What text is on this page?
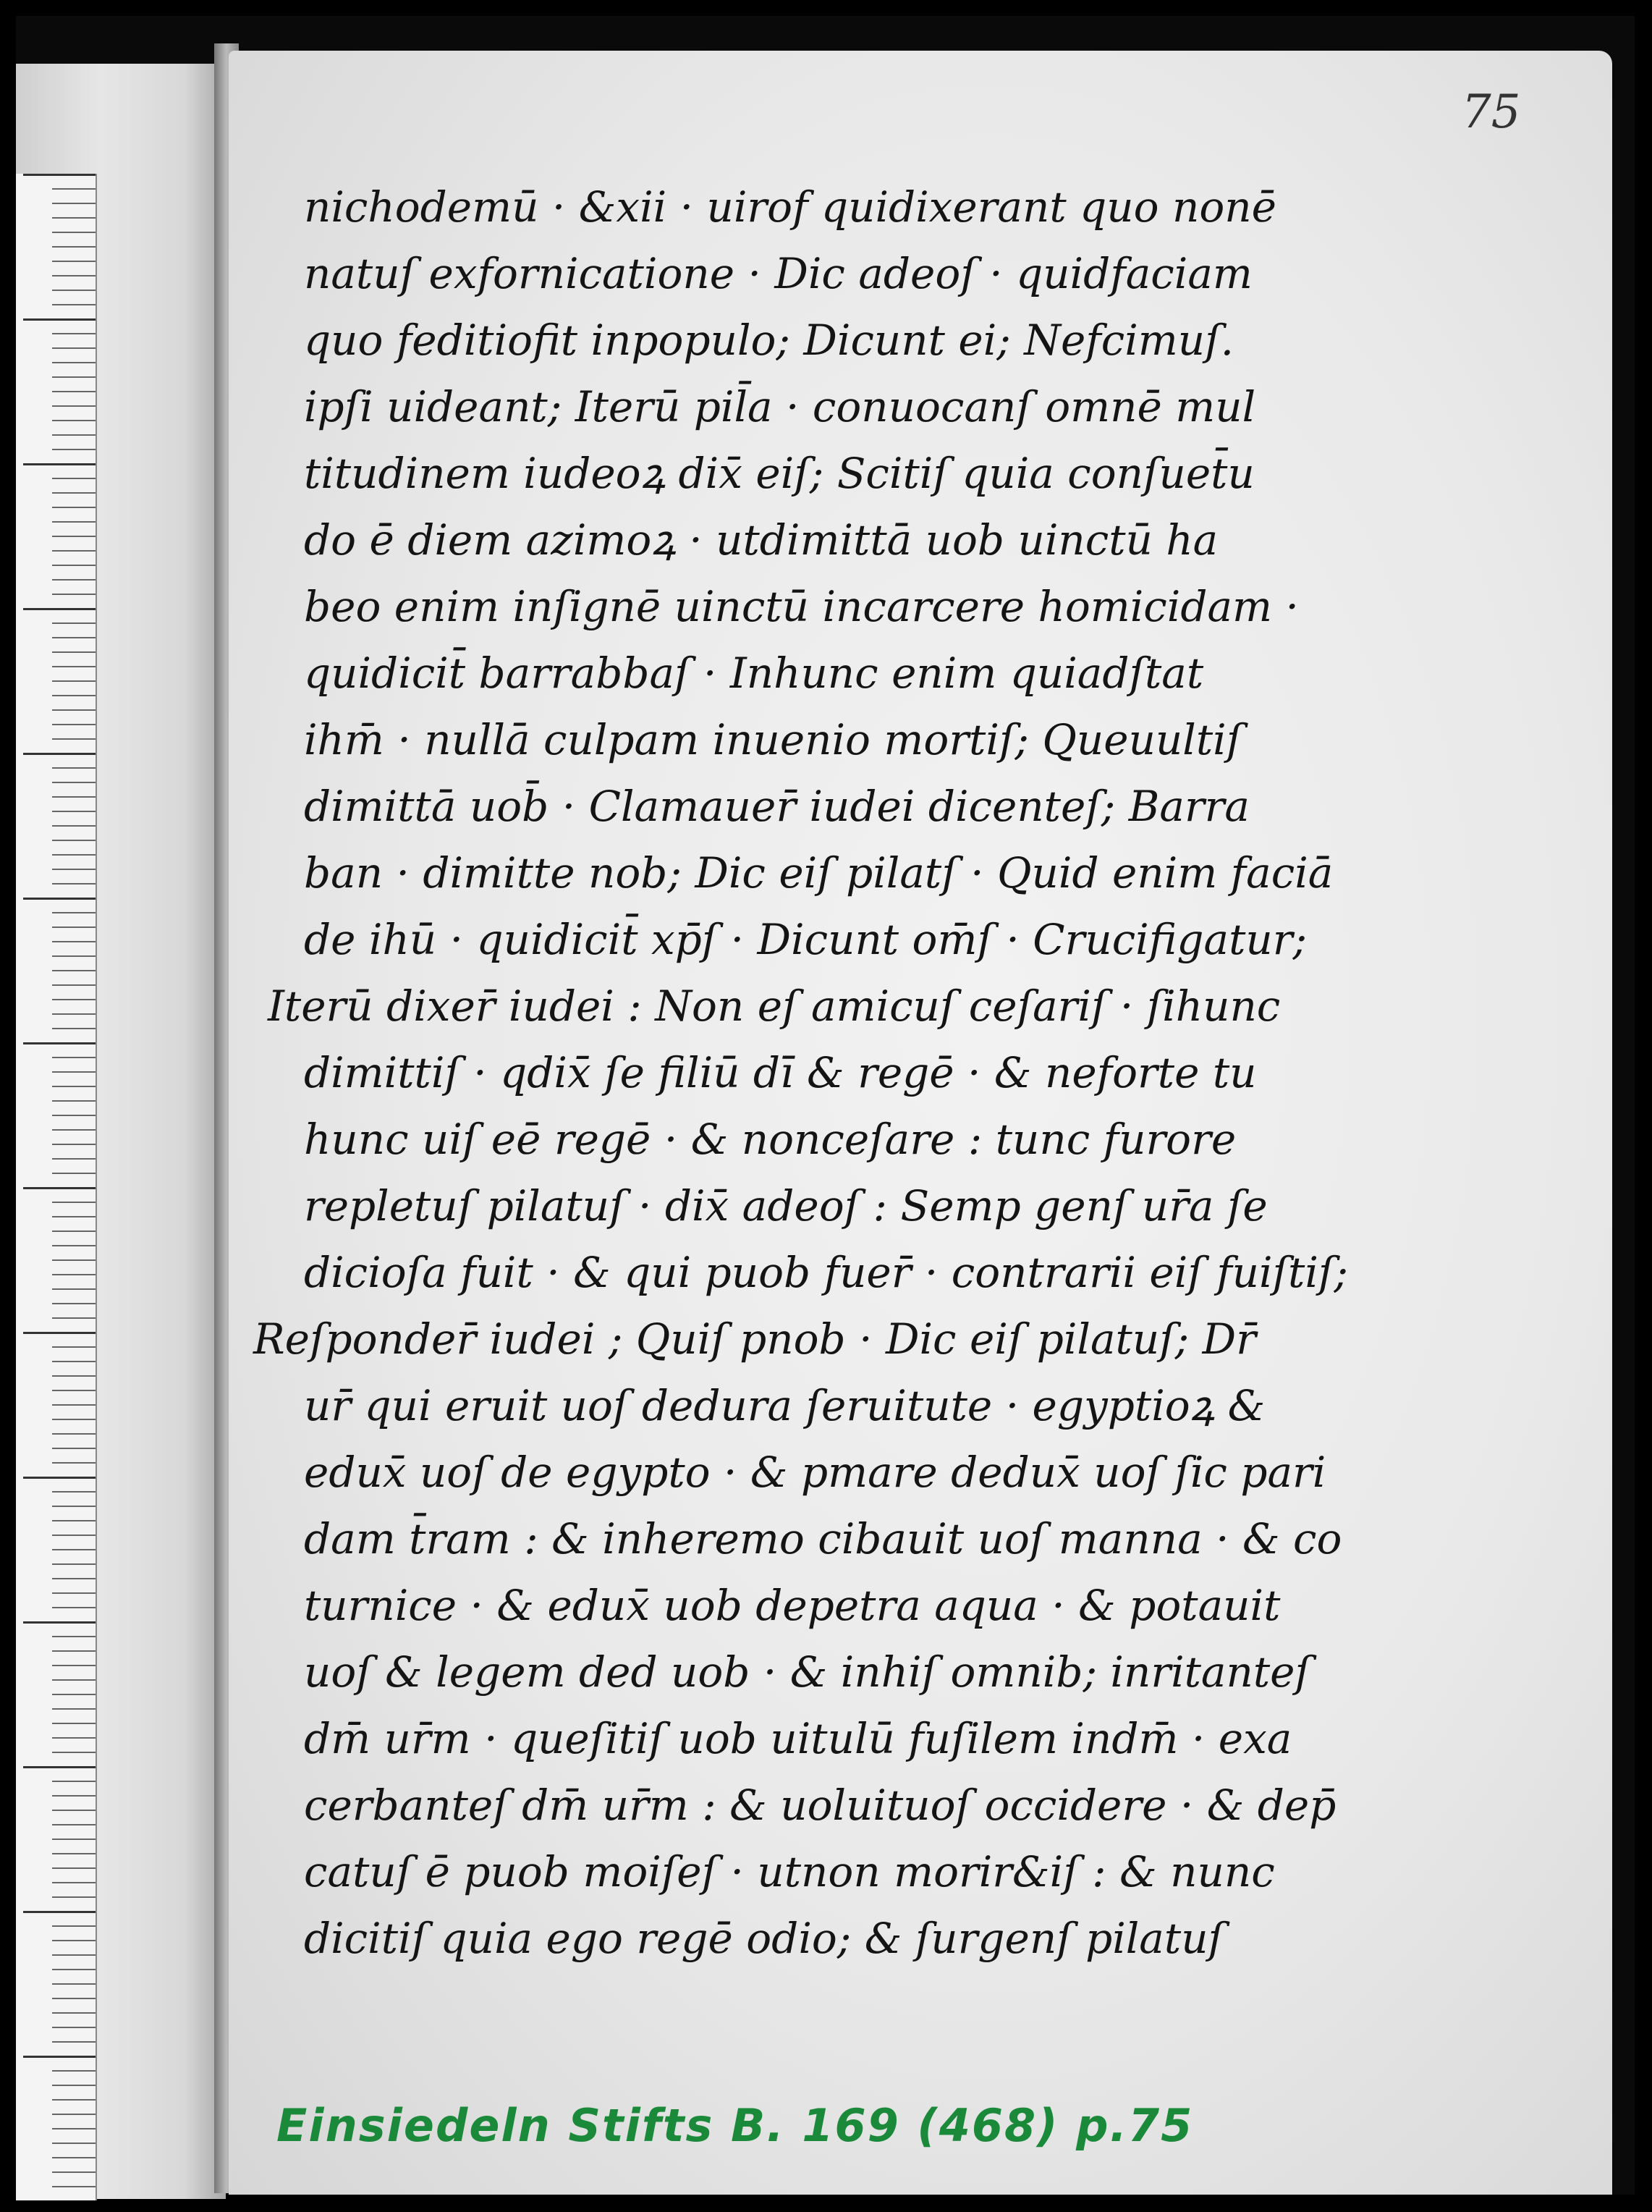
75
nichodemū · &xii · uirof quidixerant quo nonē
natuſ exfornicatione · Dic adeoſ · quidfaciam
quo feditiofit inpopulo; Dicunt ei; Nefcimuſ.
ipſi uideant; Iterū pil̄a · conuocanſ omnē mul
titudinem iudeoꝝ dix̄ eiſ; Scitiſ quia conſuet̄u
do ē diem azimoꝝ · utdimittā uob uinctū ha
beo enim inſignē uinctū incarcere homicidam ·
quidicit̄ barrabbaſ · Inhunc enim quiadſtat
ihm̄ · nullā culpam inuenio mortiſ; Queuultiſ
dimittā uob̄ · Clamauer̄ iudei dicenteſ; Barra
ban · dimitte nob; Dic eiſ pilatſ · Quid enim faciā
de ihū · quidicit̄ xp̄ſ · Dicunt om̄ſ · Crucifigatur;
Iterū dixer̄ iudei : Non eſ amicuſ ceſariſ · ſihunc
dimittiſ · qdix̄ ſe filiū dī & regē · & neforte tu
hunc uiſ eē regē · & nonceſare : tunc furore
repletuſ pilatuſ · dix̄ adeoſ : Semp genſ ur̄a ſe
dicioſa fuit · & qui puob fuer̄ · contrarii eiſ fuiſtiſ;
Reſponder̄ iudei ; Quiſ pnob · Dic eiſ pilatuſ; Dr̄
ur̄ qui eruit uoſ dedura ſeruitute · egyptioꝝ &
edux̄ uoſ de egypto · & pmare dedux̄ uoſ ſic pari
dam t̄ram : & inheremo cibauit uoſ manna · & co
turnice · & edux̄ uob depetra aqua · & potauit
uoſ & legem ded uob · & inhiſ omnib; inritanteſ
dm̄ ur̄m · queſitiſ uob uitulū fuſilem indm̄ · exa
cerbanteſ dm̄ ur̄m : & uoluituoſ occidere · & dep̄
catuſ ē puob moiſeſ · utnon morir&iſ : & nunc
dicitiſ quia ego regē odio; & ſurgenſ pilatuſ
Einsiedeln Stifts B. 169 (468) p.75
